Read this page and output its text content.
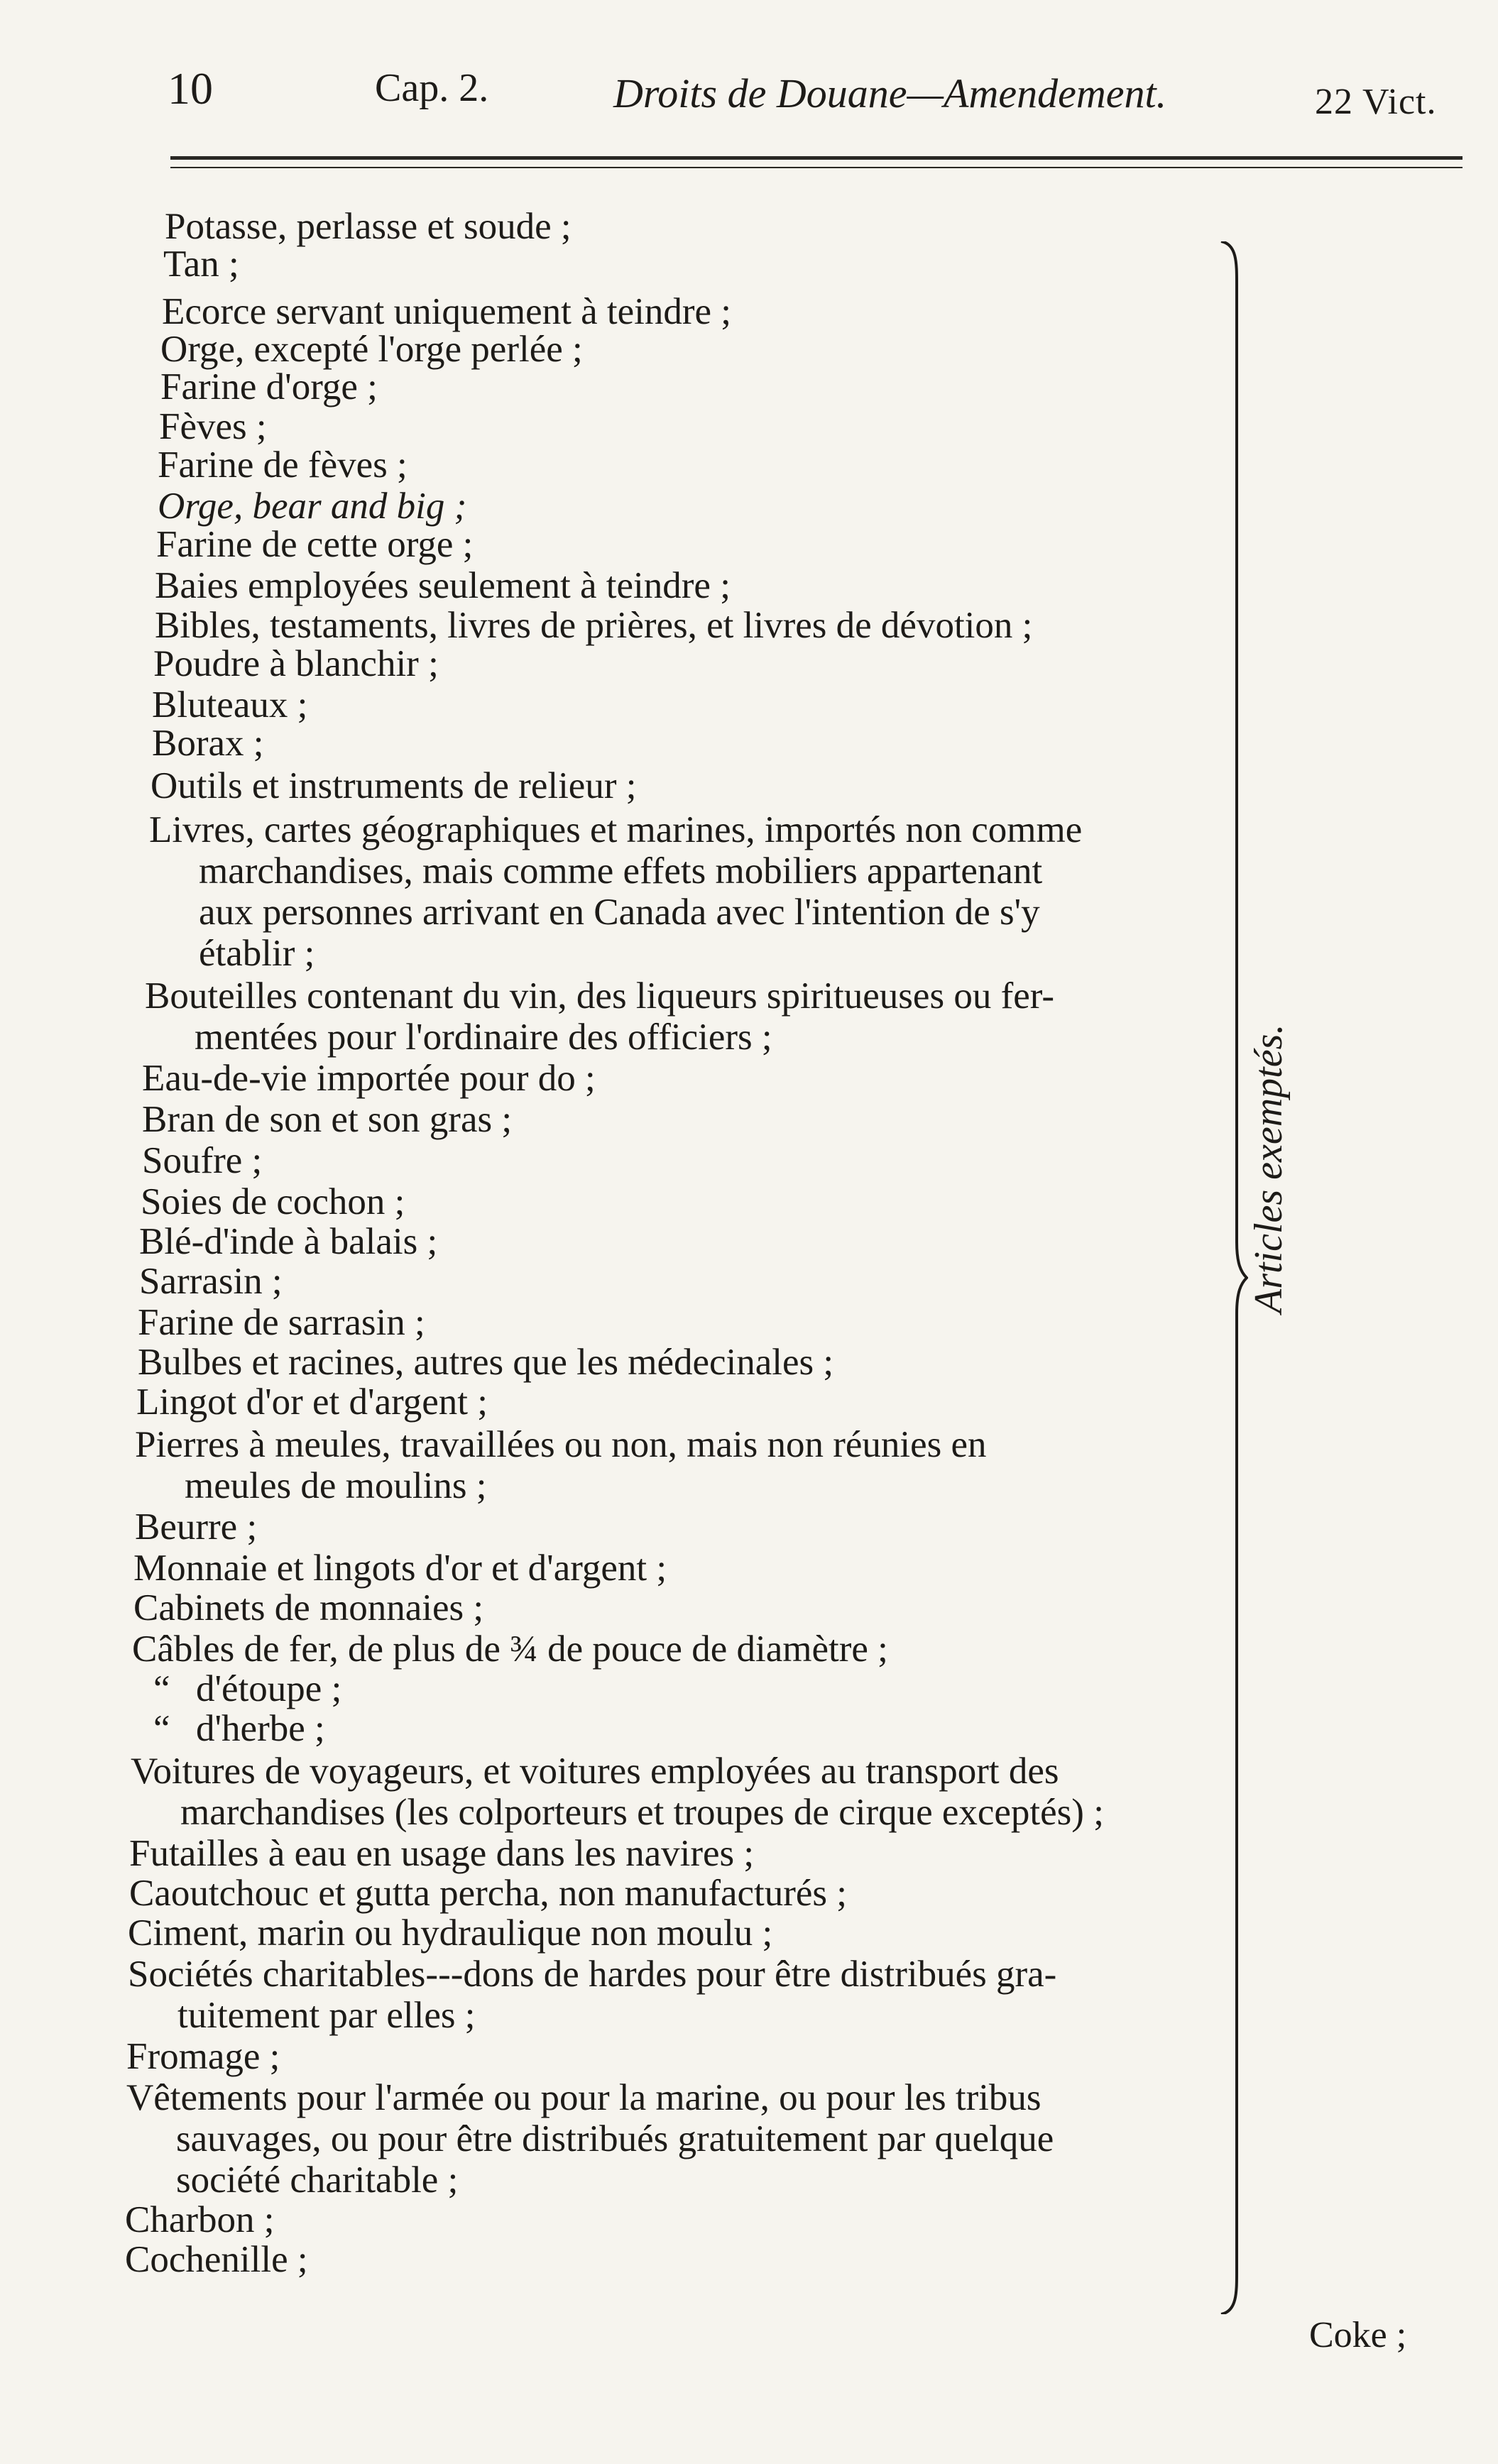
10	Cap. 2.	Droits de Douane—Amendement.	22 Vict.
Potasse, perlasse et soude ;
Tan ;
Ecorce servant uniquement à teindre ;
Orge, excepté l'orge perlée ;
Farine d'orge ;
Fèves ;
Farine de fèves ;
Orge, bear and big ;
Farine de cette orge ;
Baies employées seulement à teindre ;
Bibles, testaments, livres de prières, et livres de dévotion ;
Poudre à blanchir ;
Bluteaux ;
Borax ;
Outils et instruments de relieur ;
Livres, cartes géographiques et marines, importés non comme
marchandises, mais comme effets mobiliers appartenant
aux personnes arrivant en Canada avec l'intention de s'y
établir ;
Bouteilles contenant du vin, des liqueurs spiritueuses ou fer-
mentées pour l'ordinaire des officiers ;
Eau-de-vie importée pour do ;
Bran de son et son gras ;
Soufre ;
Soies de cochon ;
Blé-d'inde à balais ;
Sarrasin ;
Farine de sarrasin ;
Bulbes et racines, autres que les médecinales ;
Lingot d'or et d'argent ;
Pierres à meules, travaillées ou non, mais non réunies en
meules de moulins ;
Beurre ;
Monnaie et lingots d'or et d'argent ;
Cabinets de monnaies ;
Câbles de fer, de plus de ¾ de pouce de diamètre ;
“ d'étoupe ;
“ d'herbe ;
Voitures de voyageurs, et voitures employées au transport des
marchandises (les colporteurs et troupes de cirque exceptés) ;
Futailles à eau en usage dans les navires ;
Caoutchouc et gutta percha, non manufacturés ;
Ciment, marin ou hydraulique non moulu ;
Sociétés charitables---dons de hardes pour être distribués gra-
tuitement par elles ;
Fromage ;
Vêtements pour l'armée ou pour la marine, ou pour les tribus
sauvages, ou pour être distribués gratuitement par quelque
société charitable ;
Charbon ;
Cochenille ;
Articles exemptés.
Coke ;
